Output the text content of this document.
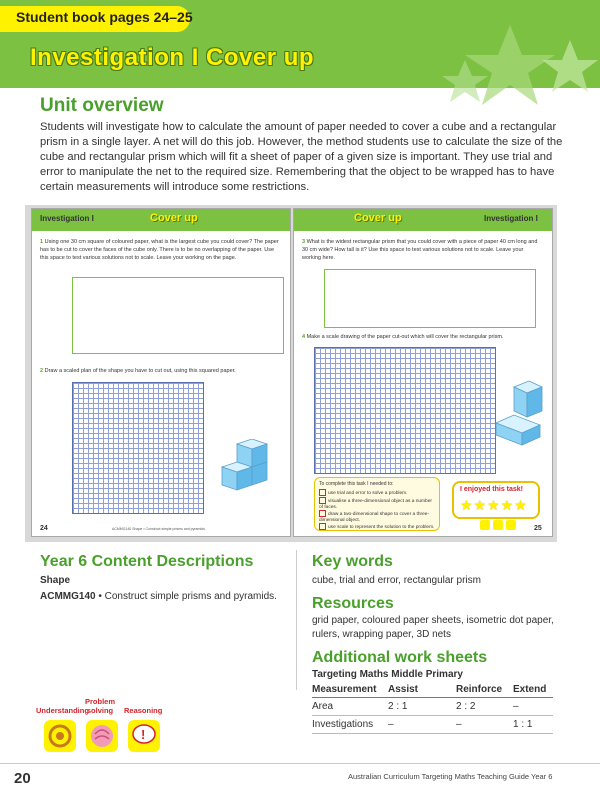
Student book pages 24–25
Investigation I Cover up
Unit overview
Students will investigate how to calculate the amount of paper needed to cover a cube and a rectangular prism in a single layer. A net will do this job. However, the method students use to calculate the size of the cube and rectangular prism which will fit a sheet of paper of a given size is important. They use trial and error to manipulate the net to the required size. Remembering that the object to be wrapped has to have certain measurements will introduce some restrictions.
Investigation I	Cover up
1 Using one 30 cm square of coloured paper, what is the largest cube you could cover? The paper has to be cut to cover the faces of the cube only. There is to be no overlapping of the paper. Use this space to test various solutions not to scale. Leave your working on the page.
2 Draw a scaled plan of the shape you have to cut out, using this squared paper.
24	ACMMG140 Shape • Construct simple prisms and pyramids.
Cover up	Investigation I
3 What is the widest rectangular prism that you could cover with a piece of paper 40 cm long and 30 cm wide? How tall is it? Use this space to test various solutions not to scale. Leave your working here.
4 Make a scale drawing of the paper cut-out which will cover the rectangular prism.
To complete this task I needed to:
use trial and error to solve a problem.
visualise a three-dimensional object as a number of faces.
draw a two-dimensional shape to cover a three-dimensional object.
use scale to represent the solution to the problem.
I enjoyed this task!
★★★★★
25
Year 6 Content Descriptions
Shape
ACMMG140 • Construct simple prisms and pyramids.
Key words
cube, trial and error, rectangular prism
Resources
grid paper, coloured paper sheets, isometric dot paper, rulers, wrapping paper, 3D nets
Additional work sheets
Targeting Maths Middle Primary
Measurement	Assist	Reinforce	Extend
Area	2 : 1	2 : 2	–
Investigations	–	–	1 : 1
Problem solving
Understanding	Reasoning
!
20	Australian Curriculum Targeting Maths Teaching Guide Year 6
